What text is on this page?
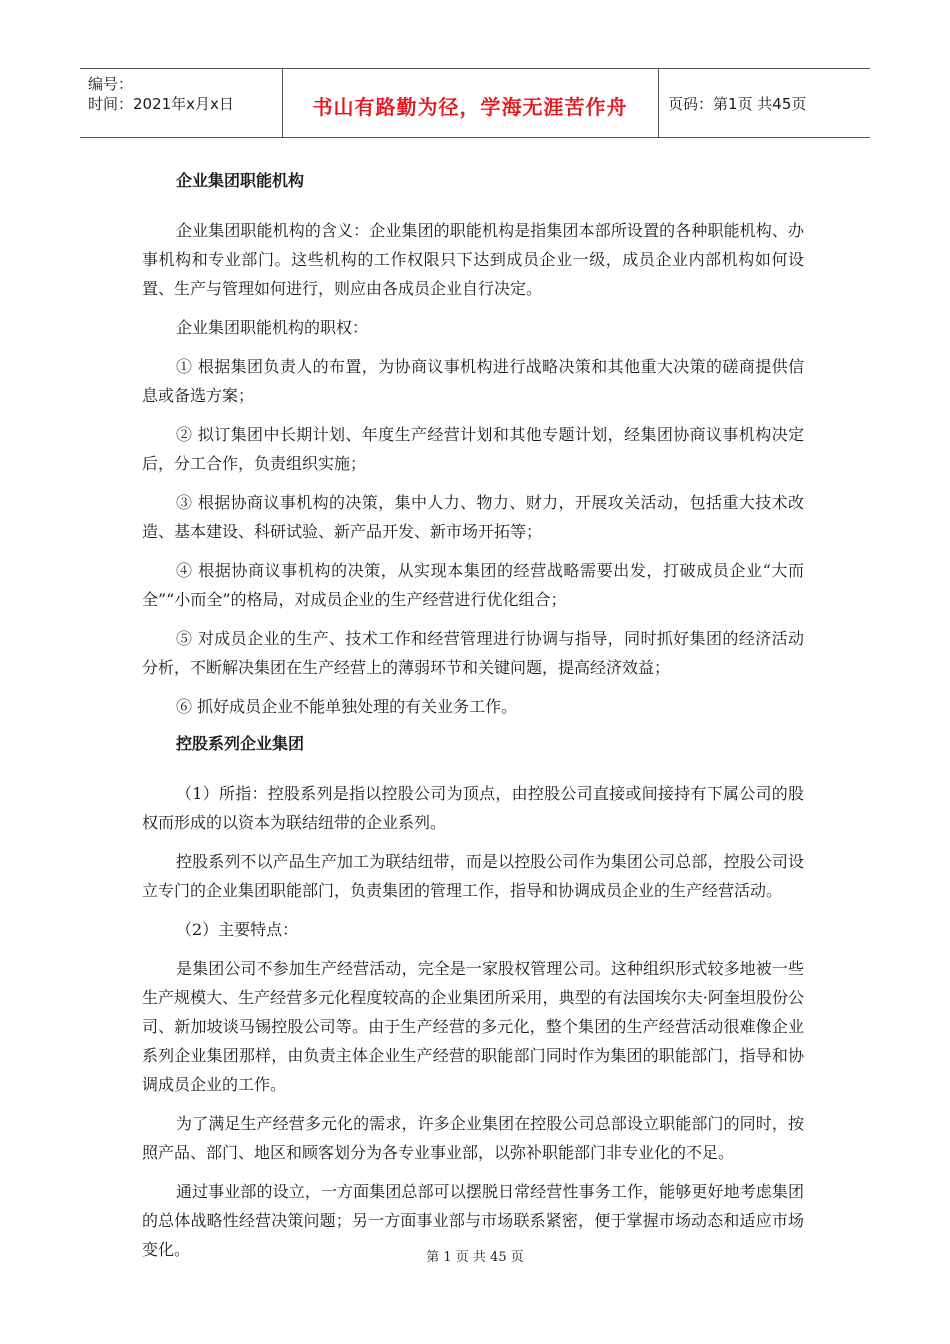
编号：
时间：2021年x月x日	书山有路勤为径，学海无涯苦作舟	页码：第1页 共45页
企业集团职能机构

企业集团职能机构的含义：企业集团的职能机构是指集团本部所设置的各种职能机构、办事机构和专业部门。这些机构的工作权限只下达到成员企业一级，成员企业内部机构如何设置、生产与管理如何进行，则应由各成员企业自行决定。

企业集团职能机构的职权：

① 根据集团负责人的布置，为协商议事机构进行战略决策和其他重大决策的磋商提供信息或备选方案；

② 拟订集团中长期计划、年度生产经营计划和其他专题计划，经集团协商议事机构决定后，分工合作，负责组织实施；

③ 根据协商议事机构的决策，集中人力、物力、财力，开展攻关活动，包括重大技术改造、基本建设、科研试验、新产品开发、新市场开拓等；

④ 根据协商议事机构的决策，从实现本集团的经营战略需要出发，打破成员企业“大而全”“小而全”的格局，对成员企业的生产经营进行优化组合；

⑤ 对成员企业的生产、技术工作和经营管理进行协调与指导，同时抓好集团的经济活动分析，不断解决集团在生产经营上的薄弱环节和关键问题，提高经济效益；

⑥ 抓好成员企业不能单独处理的有关业务工作。

控股系列企业集团

（1）所指：控股系列是指以控股公司为顶点，由控股公司直接或间接持有下属公司的股权而形成的以资本为联结纽带的企业系列。

控股系列不以产品生产加工为联结纽带，而是以控股公司作为集团公司总部，控股公司设立专门的企业集团职能部门，负责集团的管理工作，指导和协调成员企业的生产经营活动。

（2）主要特点：

是集团公司不参加生产经营活动，完全是一家股权管理公司。这种组织形式较多地被一些生产规模大、生产经营多元化程度较高的企业集团所采用，典型的有法国埃尔夫·阿奎坦股份公司、新加坡谈马锡控股公司等。由于生产经营的多元化，整个集团的生产经营活动很难像企业系列企业集团那样，由负责主体企业生产经营的职能部门同时作为集团的职能部门，指导和协调成员企业的工作。

为了满足生产经营多元化的需求，许多企业集团在控股公司总部设立职能部门的同时，按照产品、部门、地区和顾客划分为各专业事业部，以弥补职能部门非专业化的不足。

通过事业部的设立，一方面集团总部可以摆脱日常经营性事务工作，能够更好地考虑集团的总体战略性经营决策问题；另一方面事业部与市场联系紧密，便于掌握市场动态和适应市场变化。	第 1 页 共 45 页
